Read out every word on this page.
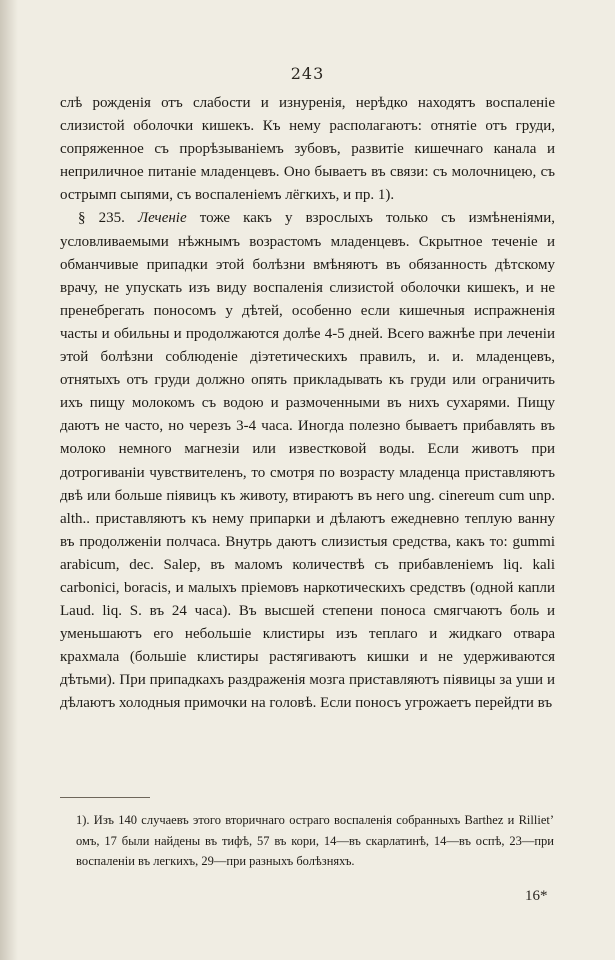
243

слѣ рожденія отъ слабости и изнуренія, нерѣдко находятъ воспаленіе слизистой оболочки кишекъ. Къ нему располагаютъ: отнятіе отъ груди, сопряженное съ прорѣзываніемъ зубовъ, развитіе кишечнаго канала и неприличное питаніе младенцевъ. Оно бываетъ въ связи: съ молочницею, съ острымп сыпями, съ воспаленіемъ лёгкихъ, и пр. 1).

§ 235. Леченіе тоже какъ у взрослыхъ только съ измѣненіями, условливаемыми нѣжнымъ возрастомъ младенцевъ. Скрытное теченіе и обманчивые припадки этой болѣзни вмѣняютъ въ обязанность дѣтскому врачу, не упускать изъ виду воспаленія слизистой оболочки кишекъ, и не пренебрегать поносомъ у дѣтей, особенно если кишечныя испражненія часты и обильны и продолжаются долѣе 4-5 дней. Всего важнѣе при леченіи этой болѣзни соблюденіе діэтетическихъ правилъ, и. и. младенцевъ, отнятыхъ отъ груди должно опять прикладывать къ груди или ограничить ихъ пищу молокомъ съ водою и размоченными въ нихъ сухарями. Пищу даютъ не часто, но черезъ 3-4 часа. Иногда полезно бываетъ прибавлять въ молоко немного магнезіи или известковой воды. Если животъ при дотрогиваніи чувствителенъ, то смотря по возрасту младенца приставляютъ двѣ или больше піявицъ къ животу, втираютъ въ него ung. cinereum cum unp. alth.. приставляютъ къ нему припарки и дѣлаютъ ежедневно теплую ванну въ продолженіи полчаса. Внутрь даютъ слизистыя средства, какъ то: gummi arabicum, dec. Salep, въ маломъ количествѣ съ прибавленіемъ liq. kali carbonici, boracis, и малыхъ пріемовъ наркотическихъ средствъ (одной капли Laud. liq. S. въ 24 часа). Въ высшей степени поноса смягчаютъ боль и уменьшаютъ его небольшіе клистиры изъ теплаго и жидкаго отвара крахмала (большіе клистиры растягиваютъ кишки и не удерживаются дѣтьми). При припадкахъ раздраженія мозга приставляютъ піявицы за уши и дѣлаютъ холодныя примочки на головѣ. Если поносъ угрожаетъ перейдти въ

1). Изъ 140 случаевъ этого вторичнаго остраго воспаленія собранныхъ Barthez и Rilliet’ омъ, 17 были найдены въ тифѣ, 57 въ кори, 14—въ скарлатинѣ, 14—въ оспѣ, 23—при воспаленіи въ легкихъ, 29—при разныхъ болѣзняхъ.
16*
